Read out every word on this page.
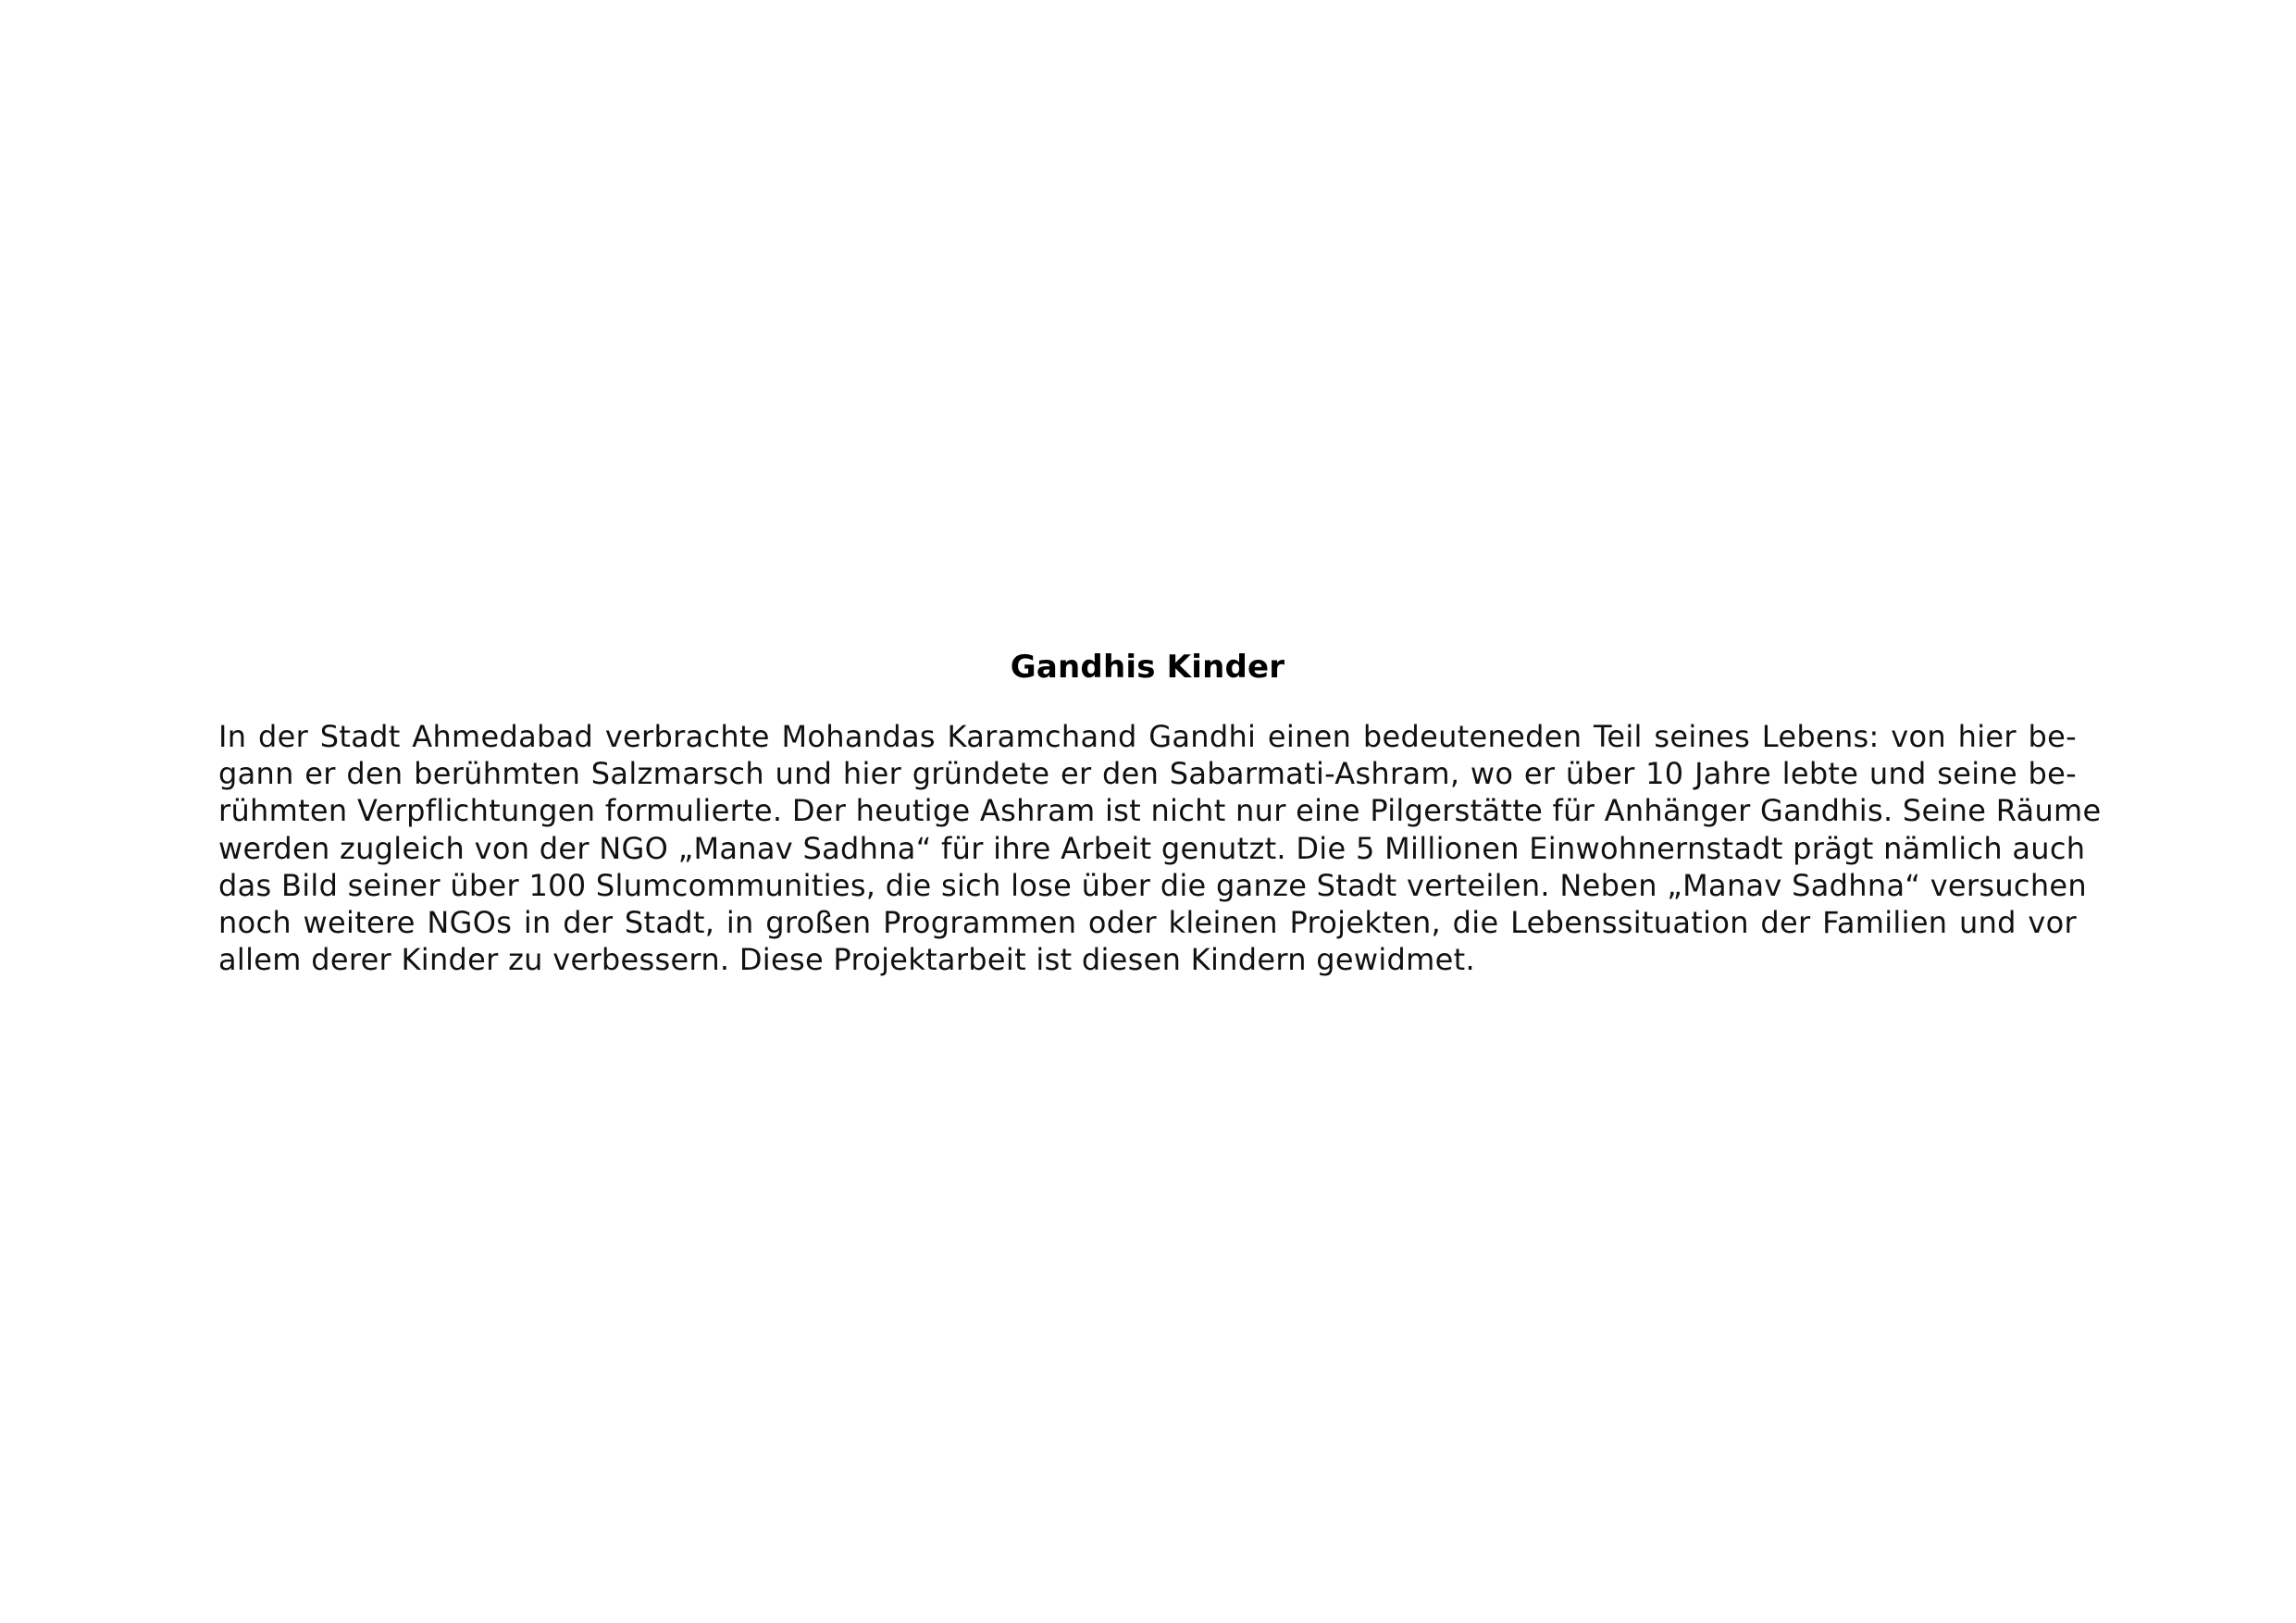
Gandhis Kinder

In der Stadt Ahmedabad verbrachte Mohandas Karamchand Gandhi einen bedeuteneden Teil seines Lebens: von hier be-
gann er den berühmten Salzmarsch und hier gründete er den Sabarmati-Ashram, wo er über 10 Jahre lebte und seine be-
rühmten Verpflichtungen formulierte. Der heutige Ashram ist nicht nur eine Pilgerstätte für Anhänger Gandhis. Seine Räume
werden zugleich von der NGO „Manav Sadhna“ für ihre Arbeit genutzt. Die 5 Millionen Einwohnernstadt prägt nämlich auch
das Bild seiner über 100 Slumcommunities, die sich lose über die ganze Stadt verteilen. Neben „Manav Sadhna“ versuchen
noch weitere NGOs in der Stadt, in großen Programmen oder kleinen Projekten, die Lebenssituation der Familien und vor
allem derer Kinder zu verbessern. Diese Projektarbeit ist diesen Kindern gewidmet.
